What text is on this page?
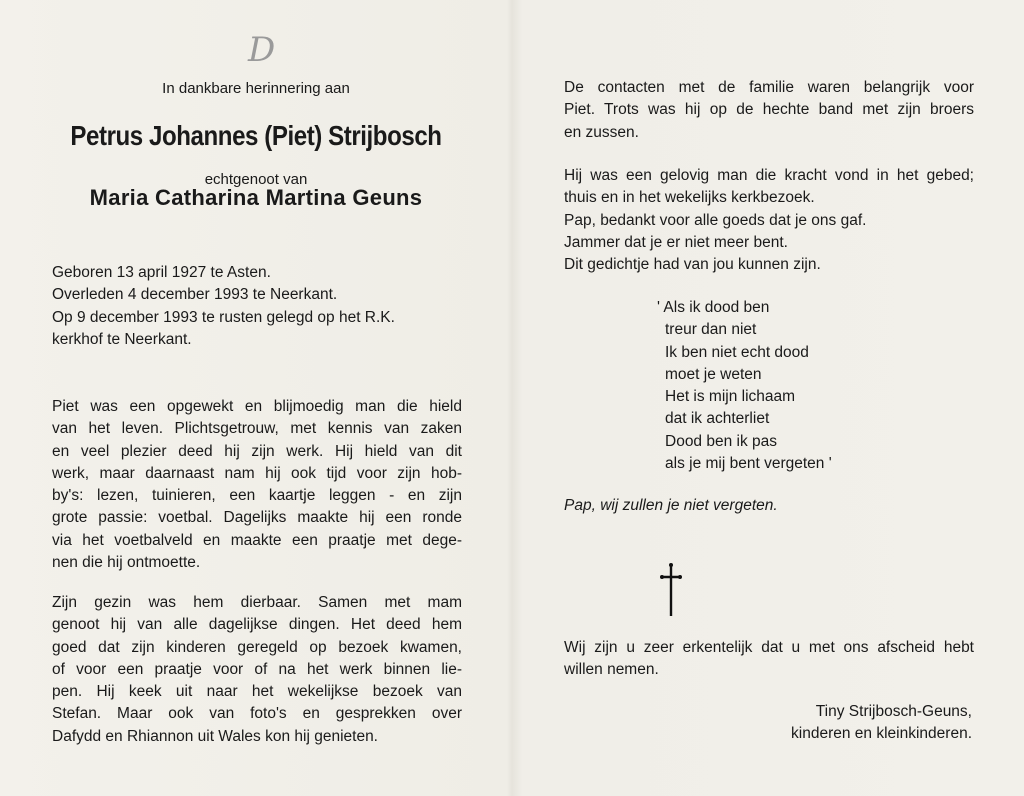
D
In dankbare herinnering aan
Petrus Johannes (Piet) Strijbosch
echtgenoot van
Maria Catharina Martina Geuns
Geboren 13 april 1927 te Asten.
Overleden 4 december 1993 te Neerkant.
Op 9 december 1993 te rusten gelegd op het R.K.
kerkhof te Neerkant.
Piet was een opgewekt en blijmoedig man die hield
van het leven. Plichtsgetrouw, met kennis van zaken
en veel plezier deed hij zijn werk. Hij hield van dit
werk, maar daarnaast nam hij ook tijd voor zijn hob-
by's: lezen, tuinieren, een kaartje leggen - en zijn
grote passie: voetbal. Dagelijks maakte hij een ronde
via het voetbalveld en maakte een praatje met dege-
nen die hij ontmoette.
Zijn gezin was hem dierbaar. Samen met mam
genoot hij van alle dagelijkse dingen. Het deed hem
goed dat zijn kinderen geregeld op bezoek kwamen,
of voor een praatje voor of na het werk binnen lie-
pen. Hij keek uit naar het wekelijkse bezoek van
Stefan. Maar ook van foto's en gesprekken over
Dafydd en Rhiannon uit Wales kon hij genieten.
De contacten met de familie waren belangrijk voor
Piet. Trots was hij op de hechte band met zijn broers
en zussen.
Hij was een gelovig man die kracht vond in het gebed;
thuis en in het wekelijks kerkbezoek.
Pap, bedankt voor alle goeds dat je ons gaf.
Jammer dat je er niet meer bent.
Dit gedichtje had van jou kunnen zijn.
' Als ik dood ben
treur dan niet
Ik ben niet echt dood
moet je weten
Het is mijn lichaam
dat ik achterliet
Dood ben ik pas
als je mij bent vergeten '
Pap, wij zullen je niet vergeten.
Wij zijn u zeer erkentelijk dat u met ons afscheid hebt
willen nemen.
Tiny Strijbosch-Geuns,
kinderen en kleinkinderen.
